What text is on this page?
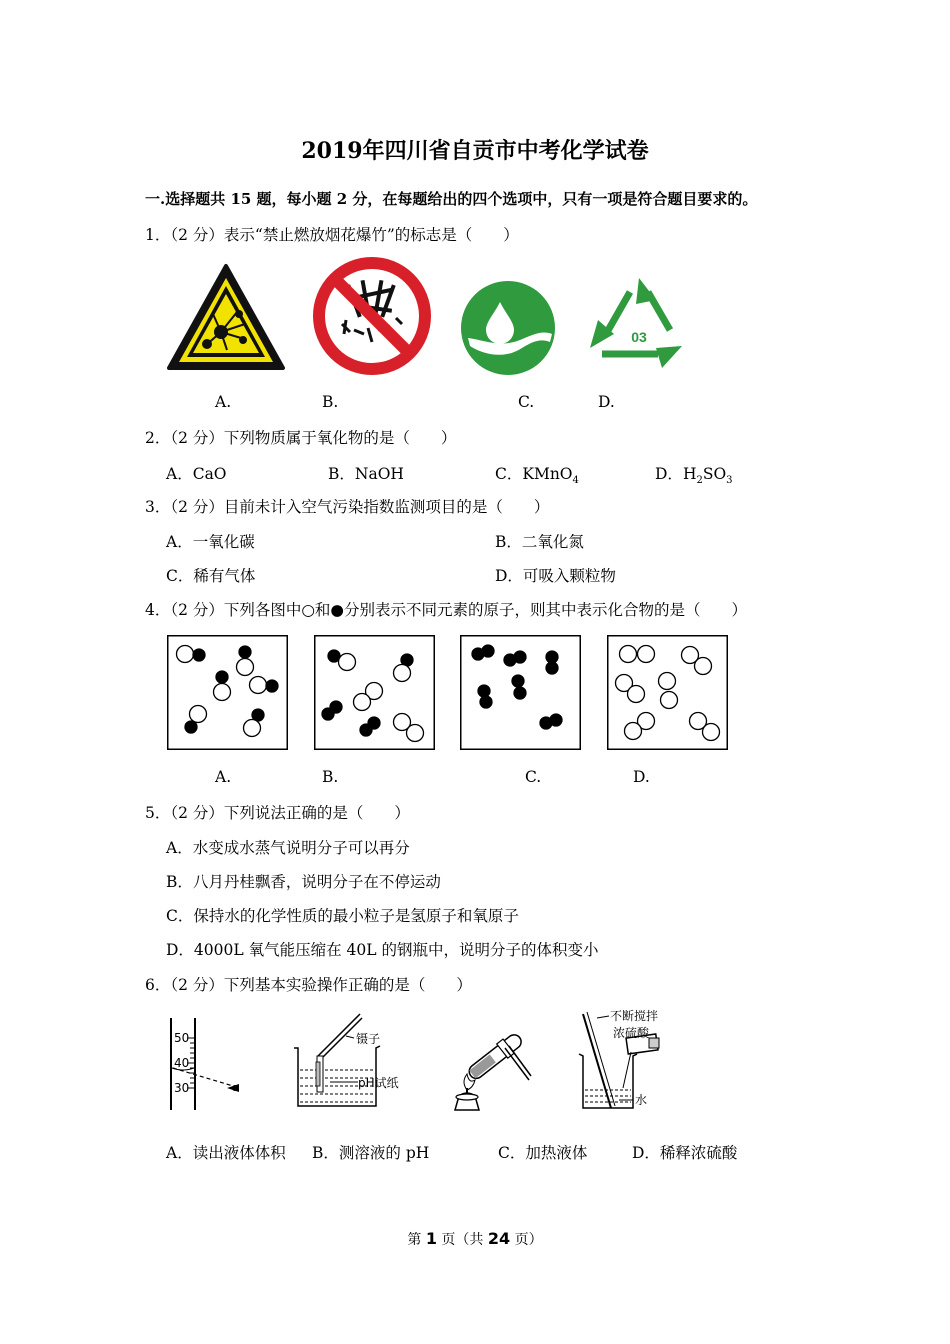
2019年四川省自贡市中考化学试卷
一.选择题共 15 题，每小题 2 分，在每题给出的四个选项中，只有一项是符合题目要求的。
1．（2 分）表示“禁止燃放烟花爆竹”的标志是（　　）
03
A.	B.	C.	D.
2．（2 分）下列物质属于氧化物的是（　　）
A．CaO	B．NaOH	C．KMnO$_4$	D．$H_2SO_3$
3．（2 分）目前未计入空气污染指数监测项目的是（　　）
A．一氧化碳	B．二氧化氮
C．稀有气体	D．可吸入颗粒物
4．（2 分）下列各图中○和●分别表示不同元素的原子，则其中表示化合物的是（　　）
A.	B.	C.	D.
5．（2 分）下列说法正确的是（　　）
A．水变成水蒸气说明分子可以再分
B．八月丹桂飘香，说明分子在不停运动
C．保持水的化学性质的最小粒子是氢原子和氧原子
D．4000L 氧气能压缩在 40L 的钢瓶中，说明分子的体积变小
6．（2 分）下列基本实验操作正确的是（　　）
50
40
30
镊子
pH试纸
不断搅拌
浓硫酸
水
A．读出液体体积 B．测溶液的 pH	C．加热液体	D．稀释浓硫酸
第 1 页（共 24 页）
